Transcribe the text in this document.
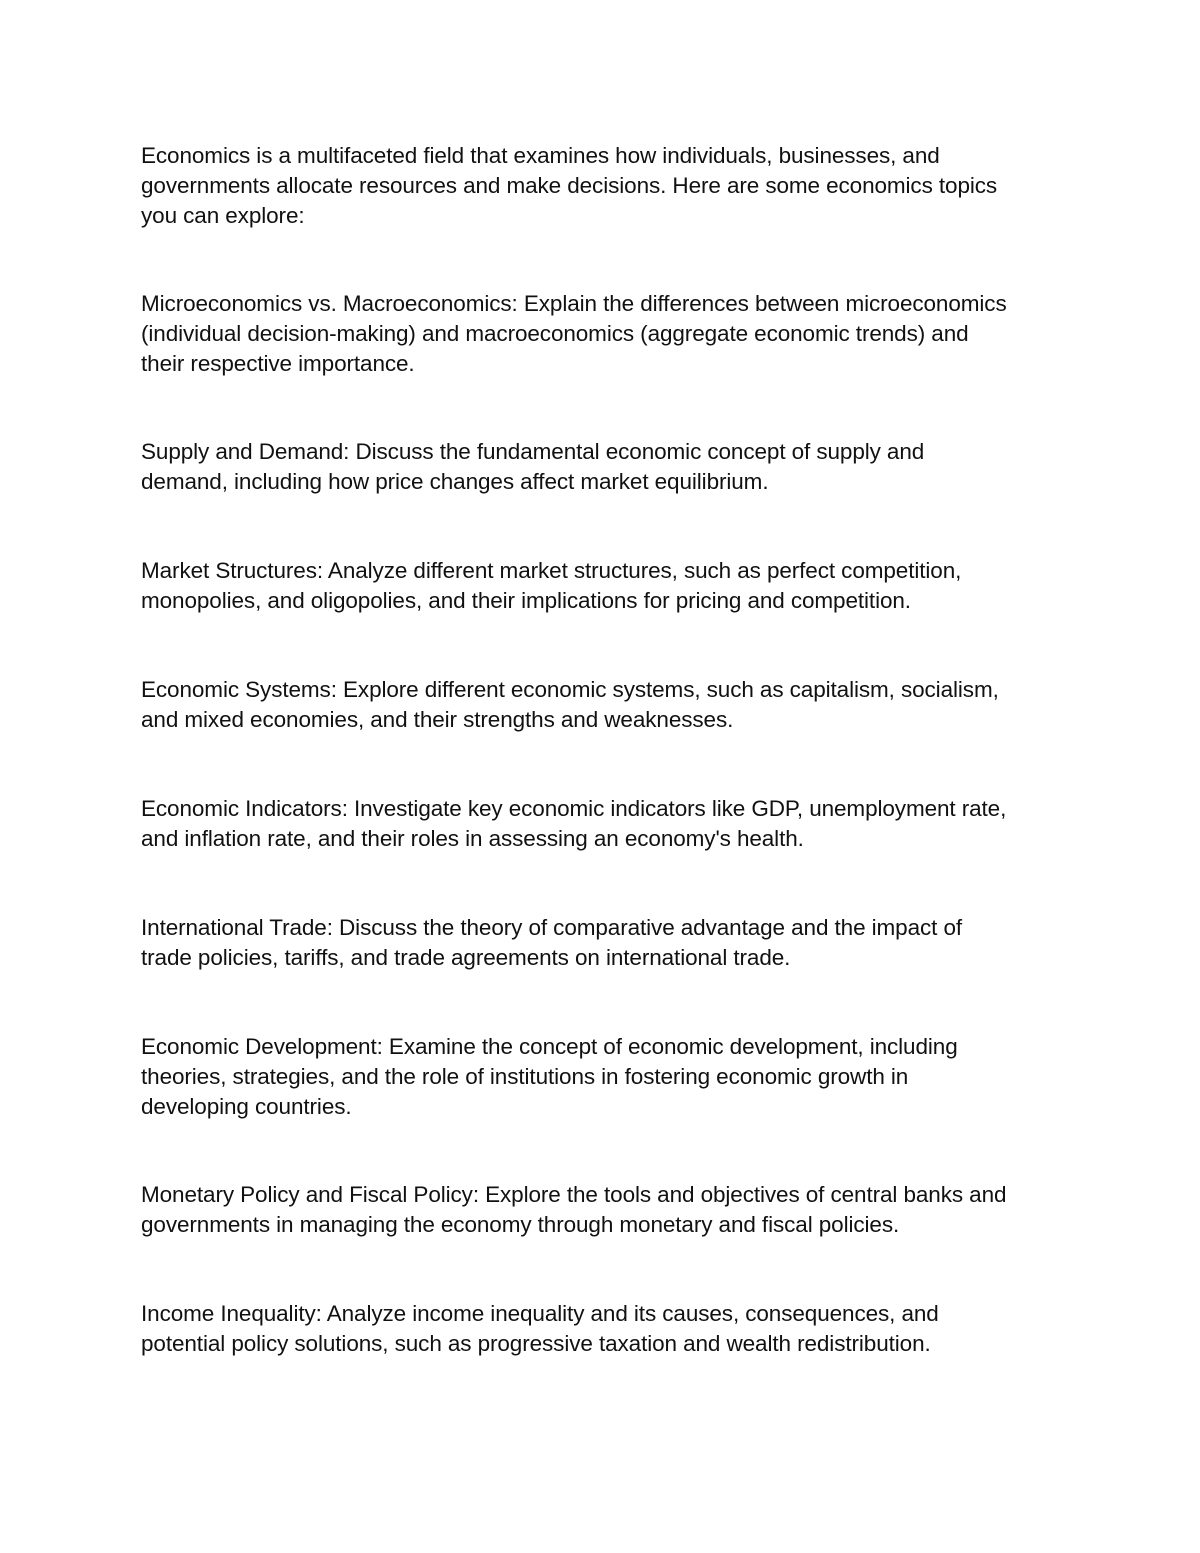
Economics is a multifaceted field that examines how individuals, businesses, and
governments allocate resources and make decisions. Here are some economics topics
you can explore:
Microeconomics vs. Macroeconomics: Explain the differences between microeconomics
(individual decision-making) and macroeconomics (aggregate economic trends) and
their respective importance.
Supply and Demand: Discuss the fundamental economic concept of supply and
demand, including how price changes affect market equilibrium.
Market Structures: Analyze different market structures, such as perfect competition,
monopolies, and oligopolies, and their implications for pricing and competition.
Economic Systems: Explore different economic systems, such as capitalism, socialism,
and mixed economies, and their strengths and weaknesses.
Economic Indicators: Investigate key economic indicators like GDP, unemployment rate,
and inflation rate, and their roles in assessing an economy's health.
International Trade: Discuss the theory of comparative advantage and the impact of
trade policies, tariffs, and trade agreements on international trade.
Economic Development: Examine the concept of economic development, including
theories, strategies, and the role of institutions in fostering economic growth in
developing countries.
Monetary Policy and Fiscal Policy: Explore the tools and objectives of central banks and
governments in managing the economy through monetary and fiscal policies.
Income Inequality: Analyze income inequality and its causes, consequences, and
potential policy solutions, such as progressive taxation and wealth redistribution.
